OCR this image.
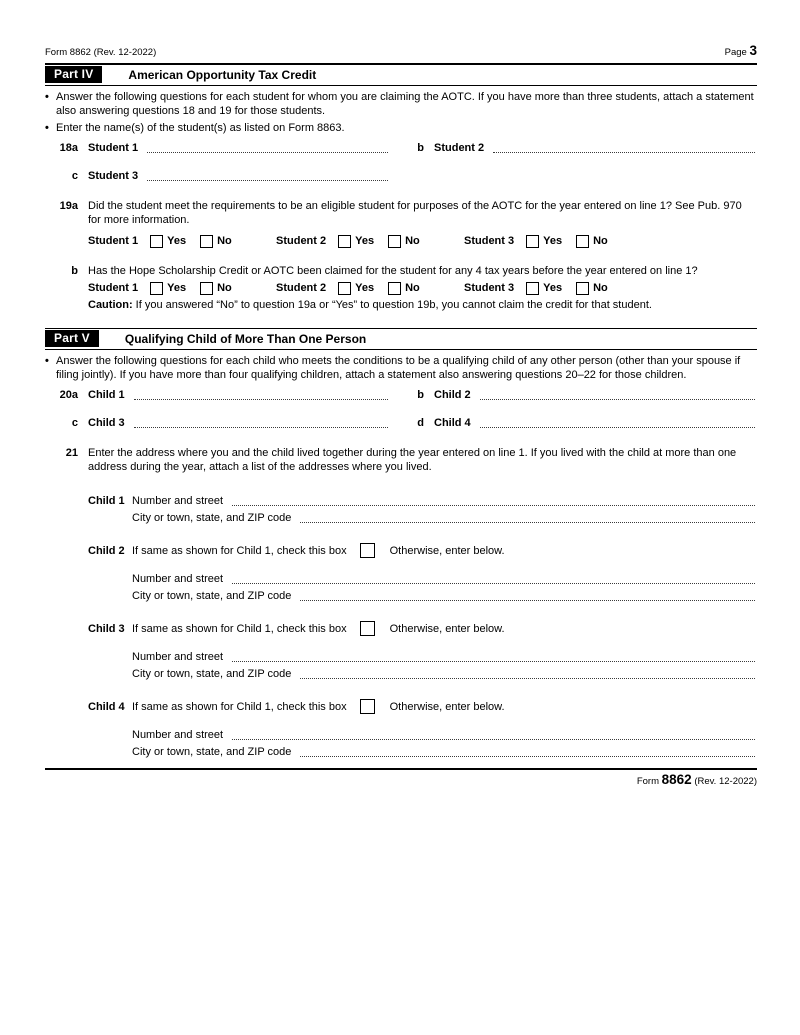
Form 8862 (Rev. 12-2022)	Page 3
Part IV	American Opportunity Tax Credit
• Answer the following questions for each student for whom you are claiming the AOTC. If you have more than three students, attach a statement also answering questions 18 and 19 for those students.
• Enter the name(s) of the student(s) as listed on Form 8863.
18a Student 1	b Student 2
c Student 3
19a Did the student meet the requirements to be an eligible student for purposes of the AOTC for the year entered on line 1? See Pub. 970 for more information.
Student 1	Yes	No	Student 2	Yes	No	Student 3	Yes	No
b Has the Hope Scholarship Credit or AOTC been claimed for the student for any 4 tax years before the year entered on line 1?
Student 1	Yes	No	Student 2	Yes	No	Student 3	Yes	No
Caution: If you answered “No” to question 19a or “Yes” to question 19b, you cannot claim the credit for that student.
Part V	Qualifying Child of More Than One Person
• Answer the following questions for each child who meets the conditions to be a qualifying child of any other person (other than your spouse if filing jointly). If you have more than four qualifying children, attach a statement also answering questions 20–22 for those children.
20a Child 1	b Child 2
c Child 3	d Child 4
21 Enter the address where you and the child lived together during the year entered on line 1. If you lived with the child at more than one address during the year, attach a list of the addresses where you lived.
Child 1 Number and street
City or town, state, and ZIP code
Child 2 If same as shown for Child 1, check this box	Otherwise, enter below.
Number and street
City or town, state, and ZIP code
Child 3 If same as shown for Child 1, check this box	Otherwise, enter below.
Number and street
City or town, state, and ZIP code
Child 4 If same as shown for Child 1, check this box	Otherwise, enter below.
Number and street
City or town, state, and ZIP code
Form 8862 (Rev. 12-2022)
